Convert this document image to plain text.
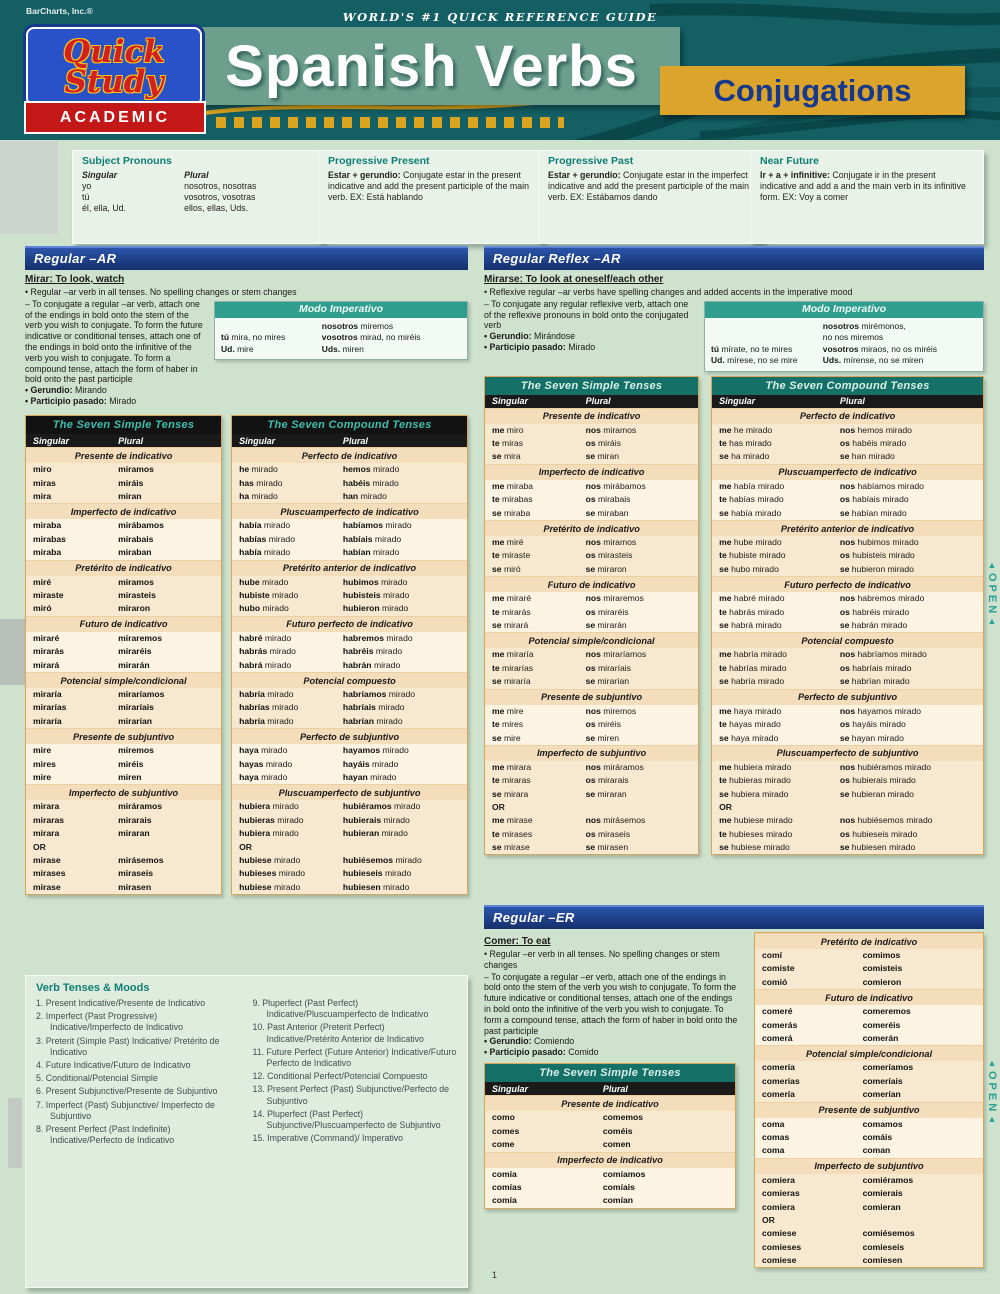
BarCharts, Inc.®	WORLD'S #1 QUICK REFERENCE GUIDE
Spanish Verbs Conjugations
Quick
Study
ACADEMIC
Subject Pronouns
Singular	Plural
yo	nosotros, nosotras
tú	vosotros, vosotras
él, ella, Ud.	ellos, ellas, Uds.
Progressive Present
Estar + gerundio: Conjugate estar in the present indicative and add the present participle of the main verb. EX: Está hablando
Progressive Past
Estar + gerundio: Conjugate estar in the imperfect indicative and add the present participle of the main verb. EX: Estábamos dando
Near Future
Ir + a + infinitive: Conjugate ir in the present indicative and add a and the main verb in its infinitive form. EX: Voy a comer
Regular –AR
Mirar: To look, watch
• Regular –ar verb in all tenses. No spelling changes or stem changes
Modo Imperativo
nosotros miremos
tú mira, no mires	vosotros mirad, no miréis
Ud. mire	Uds. miren
– To conjugate a regular –ar verb, attach one of the endings in bold onto the stem of the verb you wish to conjugate. To form the future indicative or conditional tenses, attach one of the endings in bold onto the infinitive of the verb you wish to conjugate. To form a compound tense, attach the form of haber in bold onto the past participle
• Gerundio: Mirando
• Participio pasado: Mirado
The Seven Simple Tenses
Singular	Plural
Presente de indicativo
miro	miramos
miras	miráis
mira	miran
Imperfecto de indicativo
miraba	mirábamos
mirabas	mirabais
miraba	miraban
Pretérito de indicativo
miré	miramos
miraste	mirasteis
miró	miraron
Futuro de indicativo
miraré	miraremos
mirarás	miraréis
mirará	mirarán
Potencial simple/condicional
miraría	miraríamos
mirarías	miraríais
miraría	mirarían
Presente de subjuntivo
mire	miremos
mires	miréis
mire	miren
Imperfecto de subjuntivo
mirara	miráramos
miraras	mirarais
mirara	miraran
OR
mirase	mirásemos
mirases	miraseis
mirase	mirasen
The Seven Compound Tenses
Singular	Plural
Perfecto de indicativo
he mirado	hemos mirado
has mirado	habéis mirado
ha mirado	han mirado
Pluscuamperfecto de indicativo
había mirado	habíamos mirado
habías mirado	habíais mirado
había mirado	habían mirado
Pretérito anterior de indicativo
hube mirado	hubimos mirado
hubiste mirado	hubisteis mirado
hubo mirado	hubieron mirado
Futuro perfecto de indicativo
habré mirado	habremos mirado
habrás mirado	habréis mirado
habrá mirado	habrán mirado
Potencial compuesto
habría mirado	habríamos mirado
habrías mirado	habríais mirado
habría mirado	habrían mirado
Perfecto de subjuntivo
haya mirado	hayamos mirado
hayas mirado	hayáis mirado
haya mirado	hayan mirado
Pluscuamperfecto de subjuntivo
hubiera mirado	hubiéramos mirado
hubieras mirado	hubierais mirado
hubiera mirado	hubieran mirado
OR
hubiese mirado	hubiésemos mirado
hubieses mirado	hubieseis mirado
hubiese mirado	hubiesen mirado
Regular Reflex –AR
Mirarse: To look at oneself/each other
• Reflexive regular –ar verbs have spelling changes and added accents in the imperative mood
Modo Imperativo
nosotros mirémonos,
no nos miremos
tú mírate, no te mires	vosotros miraos, no os miréis
Ud. mírese, no se mire	Uds. mírense, no se miren
– To conjugate any regular reflexive verb, attach one of the reflexive pronouns in bold onto the conjugated verb
• Gerundio: Mirándose
• Participio pasado: Mirado
The Seven Simple Tenses
Singular	Plural
Presente de indicativo
me miro	nos miramos
te miras	os miráis
se mira	se miran
Imperfecto de indicativo
me miraba	nos mirábamos
te mirabas	os mirabais
se miraba	se miraban
Pretérito de indicativo
me miré	nos miramos
te miraste	os mirasteis
se miró	se miraron
Futuro de indicativo
me miraré	nos miraremos
te mirarás	os miraréis
se mirará	se mirarán
Potencial simple/condicional
me miraría	nos miraríamos
te mirarías	os miraríais
se miraría	se mirarían
Presente de subjuntivo
me mire	nos miremos
te mires	os miréis
se mire	se miren
Imperfecto de subjuntivo
me mirara	nos miráramos
te miraras	os mirarais
se mirara	se miraran
OR
me mirase	nos mirásemos
te mirases	os miraseis
se mirase	se mirasen
The Seven Compound Tenses
Singular	Plural
Perfecto de indicativo
me he mirado	nos hemos mirado
te has mirado	os habéis mirado
se ha mirado	se han mirado
Pluscuamperfecto de indicativo
me había mirado	nos habíamos mirado
te habías mirado	os habíais mirado
se había mirado	se habían mirado
Pretérito anterior de indicativo
me hube mirado	nos hubimos mirado
te hubiste mirado	os hubisteis mirado
se hubo mirado	se hubieron mirado
Futuro perfecto de indicativo
me habré mirado	nos habremos mirado
te habrás mirado	os habréis mirado
se habrá mirado	se habrán mirado
Potencial compuesto
me habría mirado	nos habríamos mirado
te habrías mirado	os habríais mirado
se habría mirado	se habrían mirado
Perfecto de subjuntivo
me haya mirado	nos hayamos mirado
te hayas mirado	os hayáis mirado
se haya mirado	se hayan mirado
Pluscuamperfecto de subjuntivo
me hubiera mirado	nos hubiéramos mirado
te hubieras mirado	os hubierais mirado
se hubiera mirado	se hubieran mirado
OR
me hubiese mirado	nos hubiésemos mirado
te hubieses mirado	os hubieseis mirado
se hubiese mirado	se hubiesen mirado
Regular –ER
Comer: To eat
• Regular –er verb in all tenses. No spelling changes or stem changes
– To conjugate a regular –er verb, attach one of the endings in bold onto the stem of the verb you wish to conjugate. To form the future indicative or conditional tenses, attach one of the endings in bold onto the infinitive of the verb you wish to conjugate. To form a compound tense, attach the form of haber in bold onto the past participle
• Gerundio: Comiendo
• Participio pasado: Comido
The Seven Simple Tenses
Singular	Plural
Presente de indicativo
como	comemos
comes	coméis
come	comen
Imperfecto de indicativo
comía	comíamos
comías	comíais
comía	comían
Pretérito de indicativo
comí	comimos
comiste	comisteis
comió	comieron
Futuro de indicativo
comeré	comeremos
comerás	comeréis
comerá	comerán
Potencial simple/condicional
comería	comeríamos
comerías	comeríais
comería	comerían
Presente de subjuntivo
coma	comamos
comas	comáis
coma	coman
Imperfecto de subjuntivo
comiera	comiéramos
comieras	comierais
comiera	comieran
OR
comiese	comiésemos
comieses	comieseis
comiese	comiesen
Verb Tenses & Moods
1. Present Indicative/Presente de Indicativo
2. Imperfect (Past Progressive) Indicative/Imperfecto de Indicativo
3. Preterit (Simple Past) Indicative/ Pretérito de Indicativo
4. Future Indicative/Futuro de Indicativo
5. Conditional/Potencial Simple
6. Present Subjunctive/Presente de Subjuntivo
7. Imperfect (Past) Subjunctive/ Imperfecto de Subjuntivo
8. Present Perfect (Past Indefinite) Indicative/Perfecto de Indicativo
9. Pluperfect (Past Perfect) Indicative/Pluscuamperfecto de Indicativo
10. Past Anterior (Preterit Perfect) Indicative/Pretérito Anterior de Indicativo
11. Future Perfect (Future Anterior) Indicative/Futuro Perfecto de Indicativo
12. Conditional Perfect/Potencial Compuesto
13. Present Perfect (Past) Subjunctive/Perfecto de Subjuntivo
14. Pluperfect (Past Perfect) Subjunctive/Pluscuamperfecto de Subjuntivo
15. Imperative (Command)/ Imperativo
▲OPEN▲
▲OPEN▲
1
